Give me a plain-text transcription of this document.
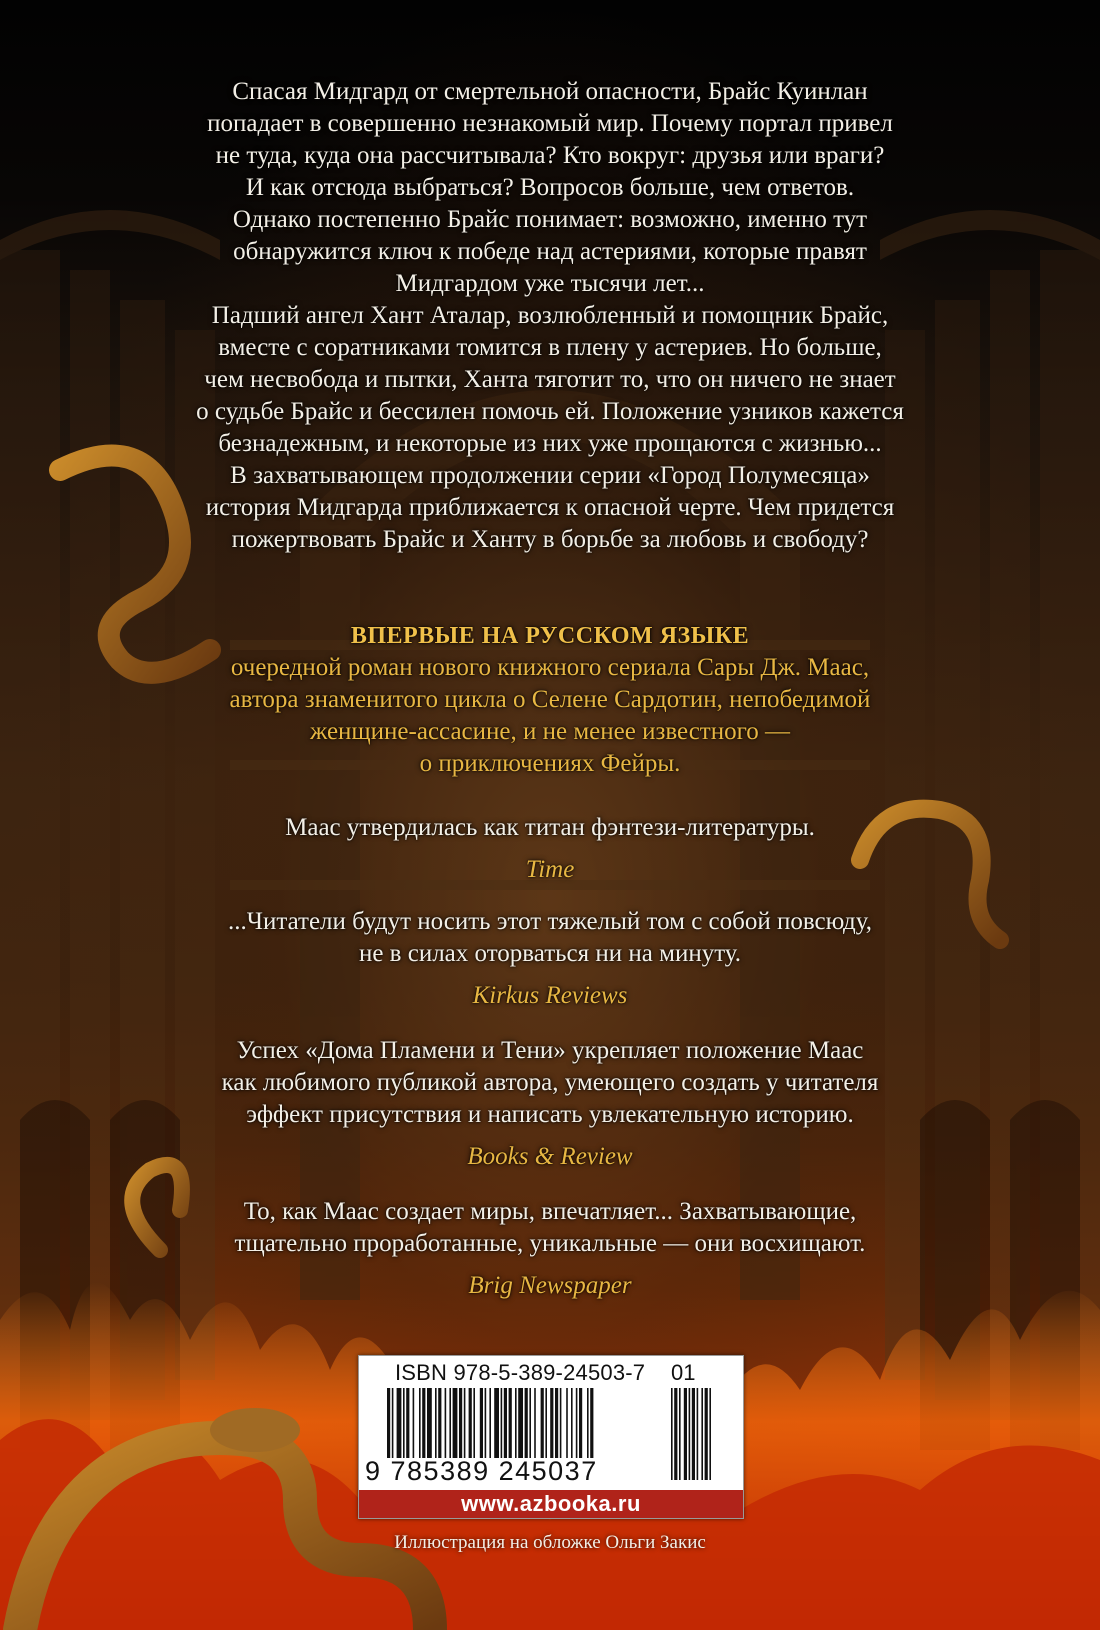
Спасая Мидгард от смертельной опасности, Брайс Куинлан
попадает в совершенно незнакомый мир. Почему портал привел
не туда, куда она рассчитывала? Кто вокруг: друзья или враги?
И как отсюда выбраться? Вопросов больше, чем ответов.
Однако постепенно Брайс понимает: возможно, именно тут
обнаружится ключ к победе над астериями, которые правят
Мидгардом уже тысячи лет...
Падший ангел Хант Аталар, возлюбленный и помощник Брайс,
вместе с соратниками томится в плену у астериев. Но больше,
чем несвобода и пытки, Ханта тяготит то, что он ничего не знает
о судьбе Брайс и бессилен помочь ей. Положение узников кажется
безнадежным, и некоторые из них уже прощаются с жизнью...
В захватывающем продолжении серии «Город Полумесяца»
история Мидгарда приближается к опасной черте. Чем придется
пожертвовать Брайс и Ханту в борьбе за любовь и свободу?
ВПЕРВЫЕ НА РУССКОМ ЯЗЫКЕ
очередной роман нового книжного сериала Сары Дж. Маас,
автора знаменитого цикла о Селене Сардотин, непобедимой
женщине-ассасине, и не менее известного —
о приключениях Фейры.
Маас утвердилась как титан фэнтези-литературы.
Time
...Читатели будут носить этот тяжелый том с собой повсюду,
не в силах оторваться ни на минуту.
Kirkus Reviews
Успех «Дома Пламени и Тени» укрепляет положение Маас
как любимого публикой автора, умеющего создать у читателя
эффект присутствия и написать увлекательную историю.
Books & Review
То, как Маас создает миры, впечатляет... Захватывающие,
тщательно проработанные, уникальные — они восхищают.
Brig Newspaper
ISBN 978-5-389-24503-7 01
9 785389 245037
www.azbooka.ru
Иллюстрация на обложке Ольги Закис
